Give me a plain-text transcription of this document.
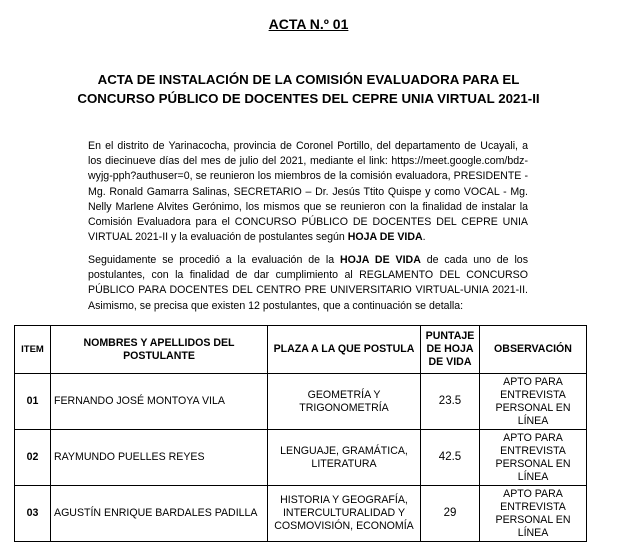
ACTA N.º 01
ACTA DE INSTALACIÓN DE LA COMISIÓN EVALUADORA PARA EL
CONCURSO PÚBLICO DE DOCENTES DEL CEPRE UNIA VIRTUAL 2021-II

En el distrito de Yarinacocha, provincia de Coronel Portillo, del departamento de Ucayali, a los diecinueve días del mes de julio del 2021, mediante el link: https://meet.google.com/bdz-wyjg-pph?authuser=0, se reunieron los miembros de la comisión evaluadora, PRESIDENTE - Mg. Ronald Gamarra Salinas, SECRETARIO – Dr. Jesús Ttito Quispe y como VOCAL - Mg. Nelly Marlene Alvites Gerónimo, los mismos que se reunieron con la finalidad de instalar la Comisión Evaluadora para el CONCURSO PÚBLICO DE DOCENTES DEL CEPRE UNIA VIRTUAL 2021-II y la evaluación de postulantes según HOJA DE VIDA.

Seguidamente se procedió a la evaluación de la HOJA DE VIDA de cada uno de los postulantes, con la finalidad de dar cumplimiento al REGLAMENTO DEL CONCURSO PÚBLICO PARA DOCENTES DEL CENTRO PRE UNIVERSITARIO VIRTUAL-UNIA 2021-II. Asimismo, se precisa que existen 12 postulantes, que a continuación se detalla:

ITEM	NOMBRES Y APELLIDOS DEL POSTULANTE	PLAZA A LA QUE POSTULA	PUNTAJE DE HOJA DE VIDA	OBSERVACIÓN
01	FERNANDO JOSÉ MONTOYA VILA	GEOMETRÍA Y TRIGONOMETRÍA	23.5	APTO PARA ENTREVISTA PERSONAL EN LÍNEA
02	RAYMUNDO PUELLES REYES	LENGUAJE, GRAMÁTICA, LITERATURA	42.5	APTO PARA ENTREVISTA PERSONAL EN LÍNEA
03	AGUSTÍN ENRIQUE BARDALES PADILLA	HISTORIA Y GEOGRAFÍA, INTERCULTURALIDAD Y COSMOVISIÓN, ECONOMÍA	29	APTO PARA ENTREVISTA PERSONAL EN LÍNEA
